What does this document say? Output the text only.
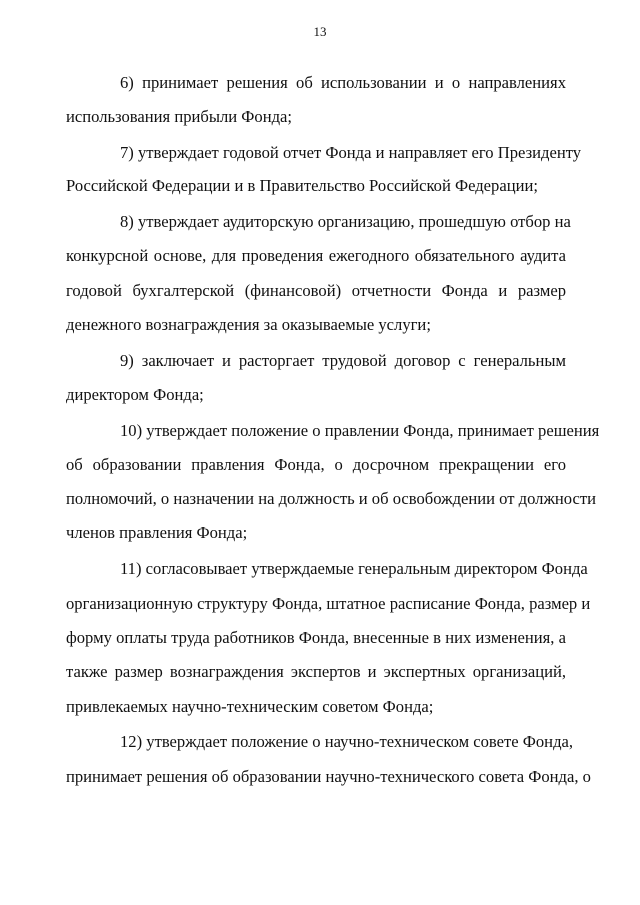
13
6) принимает решения об использовании и о направлениях
использования прибыли Фонда;
7) утверждает годовой отчет Фонда и направляет его Президенту
Российской Федерации и в Правительство Российской Федерации;
8) утверждает аудиторскую организацию, прошедшую отбор на
конкурсной основе, для проведения ежегодного обязательного аудита
годовой бухгалтерской (финансовой) отчетности Фонда и размер
денежного вознаграждения за оказываемые услуги;
9) заключает и расторгает трудовой договор с генеральным
директором Фонда;
10) утверждает положение о правлении Фонда, принимает решения
об образовании правления Фонда, о досрочном прекращении его
полномочий, о назначении на должность и об освобождении от должности
членов правления Фонда;
11) согласовывает утверждаемые генеральным директором Фонда
организационную структуру Фонда, штатное расписание Фонда, размер и
форму оплаты труда работников Фонда, внесенные в них изменения, а
также размер вознаграждения экспертов и экспертных организаций,
привлекаемых научно-техническим советом Фонда;
12) утверждает положение о научно-техническом совете Фонда,
принимает решения об образовании научно-технического совета Фонда, о
